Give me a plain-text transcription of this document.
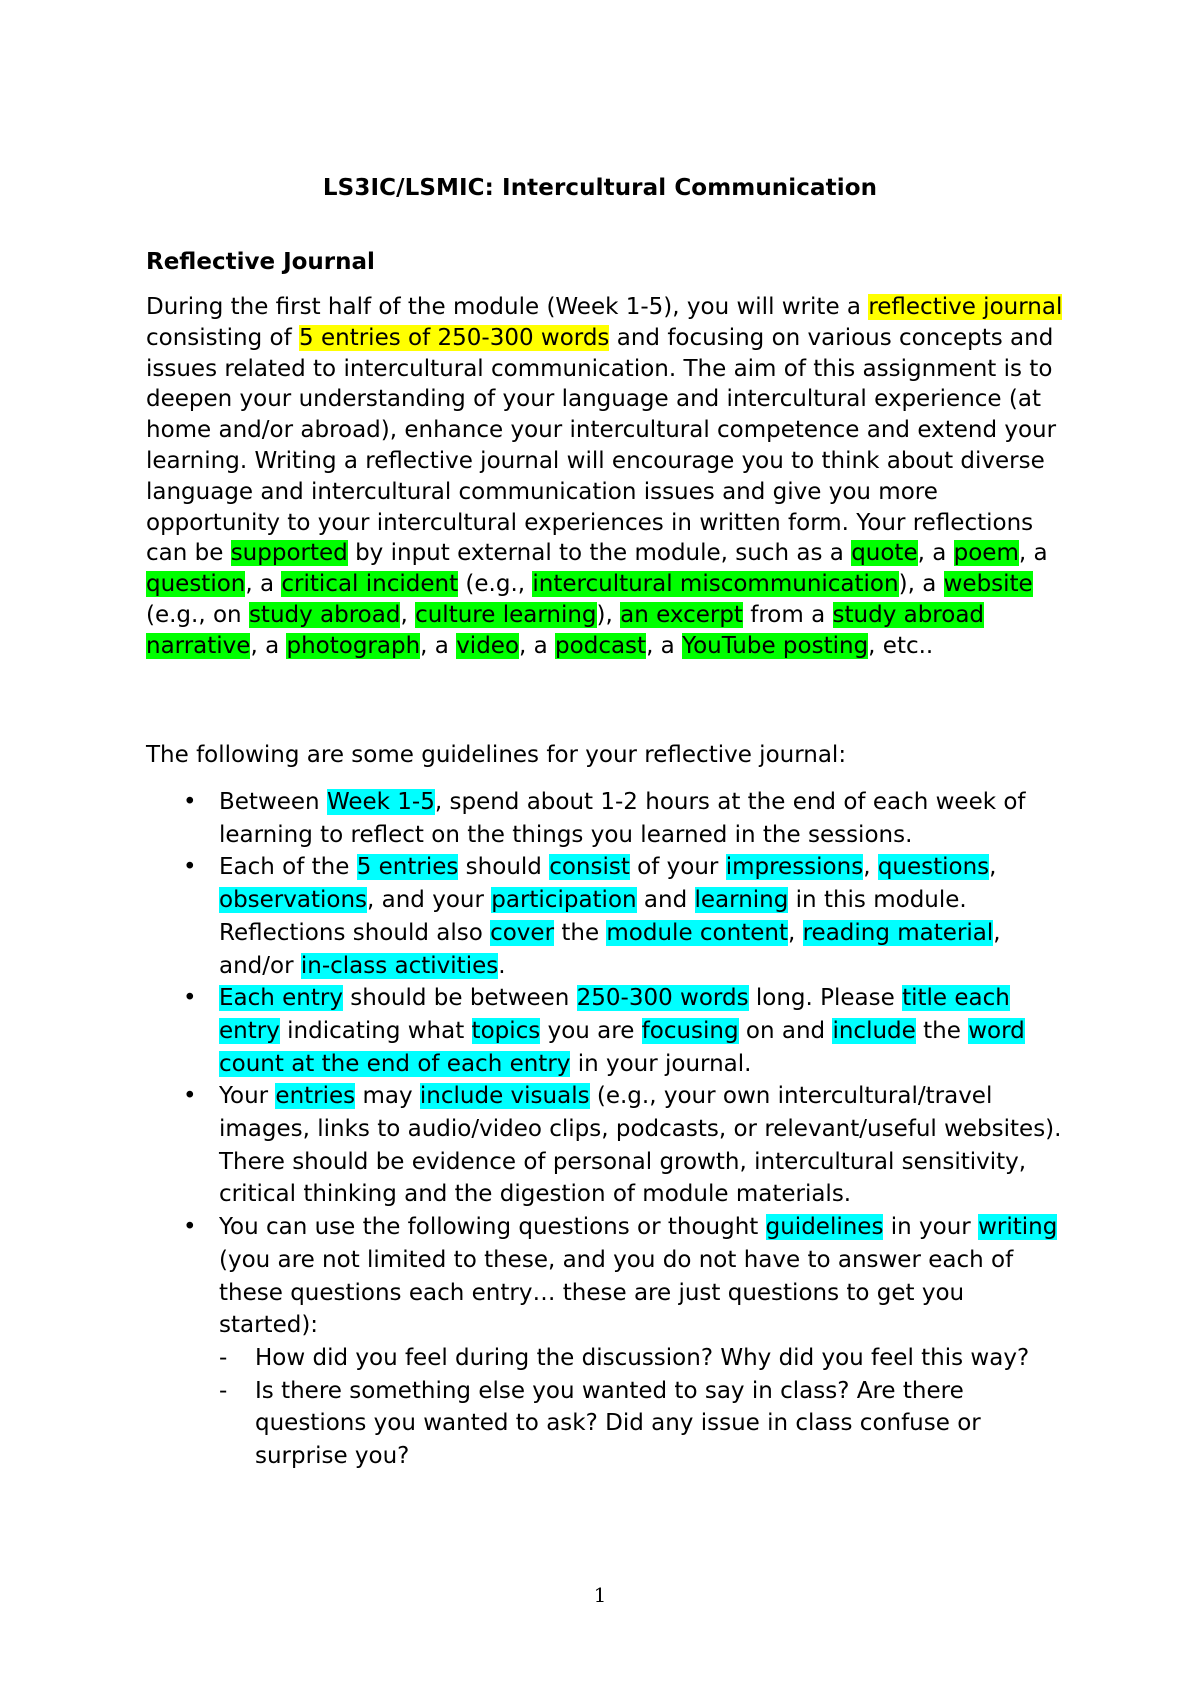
LS3IC/LSMIC: Intercultural Communication
Reflective Journal

During the first half of the module (Week 1-5), you will write a reflective journal consisting of 5 entries of 250-300 words and focusing on various concepts and issues related to intercultural communication. The aim of this assignment is to deepen your understanding of your language and intercultural experience (at home and/or abroad), enhance your intercultural competence and extend your learning. Writing a reflective journal will encourage you to think about diverse language and intercultural communication issues and give you more opportunity to your intercultural experiences in written form. Your reflections can be supported by input external to the module, such as a quote, a poem, a question, a critical incident (e.g., intercultural miscommunication), a website (e.g., on study abroad, culture learning), an excerpt from a study abroad narrative, a photograph, a video, a podcast, a YouTube posting, etc..

The following are some guidelines for your reflective journal:

• Between Week 1-5, spend about 1-2 hours at the end of each week of learning to reflect on the things you learned in the sessions.
• Each of the 5 entries should consist of your impressions, questions, observations, and your participation and learning in this module. Reflections should also cover the module content, reading material, and/or in-class activities.
• Each entry should be between 250-300 words long. Please title each entry indicating what topics you are focusing on and include the word count at the end of each entry in your journal.
• Your entries may include visuals (e.g., your own intercultural/travel images, links to audio/video clips, podcasts, or relevant/useful websites). There should be evidence of personal growth, intercultural sensitivity, critical thinking and the digestion of module materials.
• You can use the following questions or thought guidelines in your writing (you are not limited to these, and you do not have to answer each of these questions each entry… these are just questions to get you started):
- How did you feel during the discussion? Why did you feel this way?
- Is there something else you wanted to say in class? Are there questions you wanted to ask? Did any issue in class confuse or surprise you?
1
